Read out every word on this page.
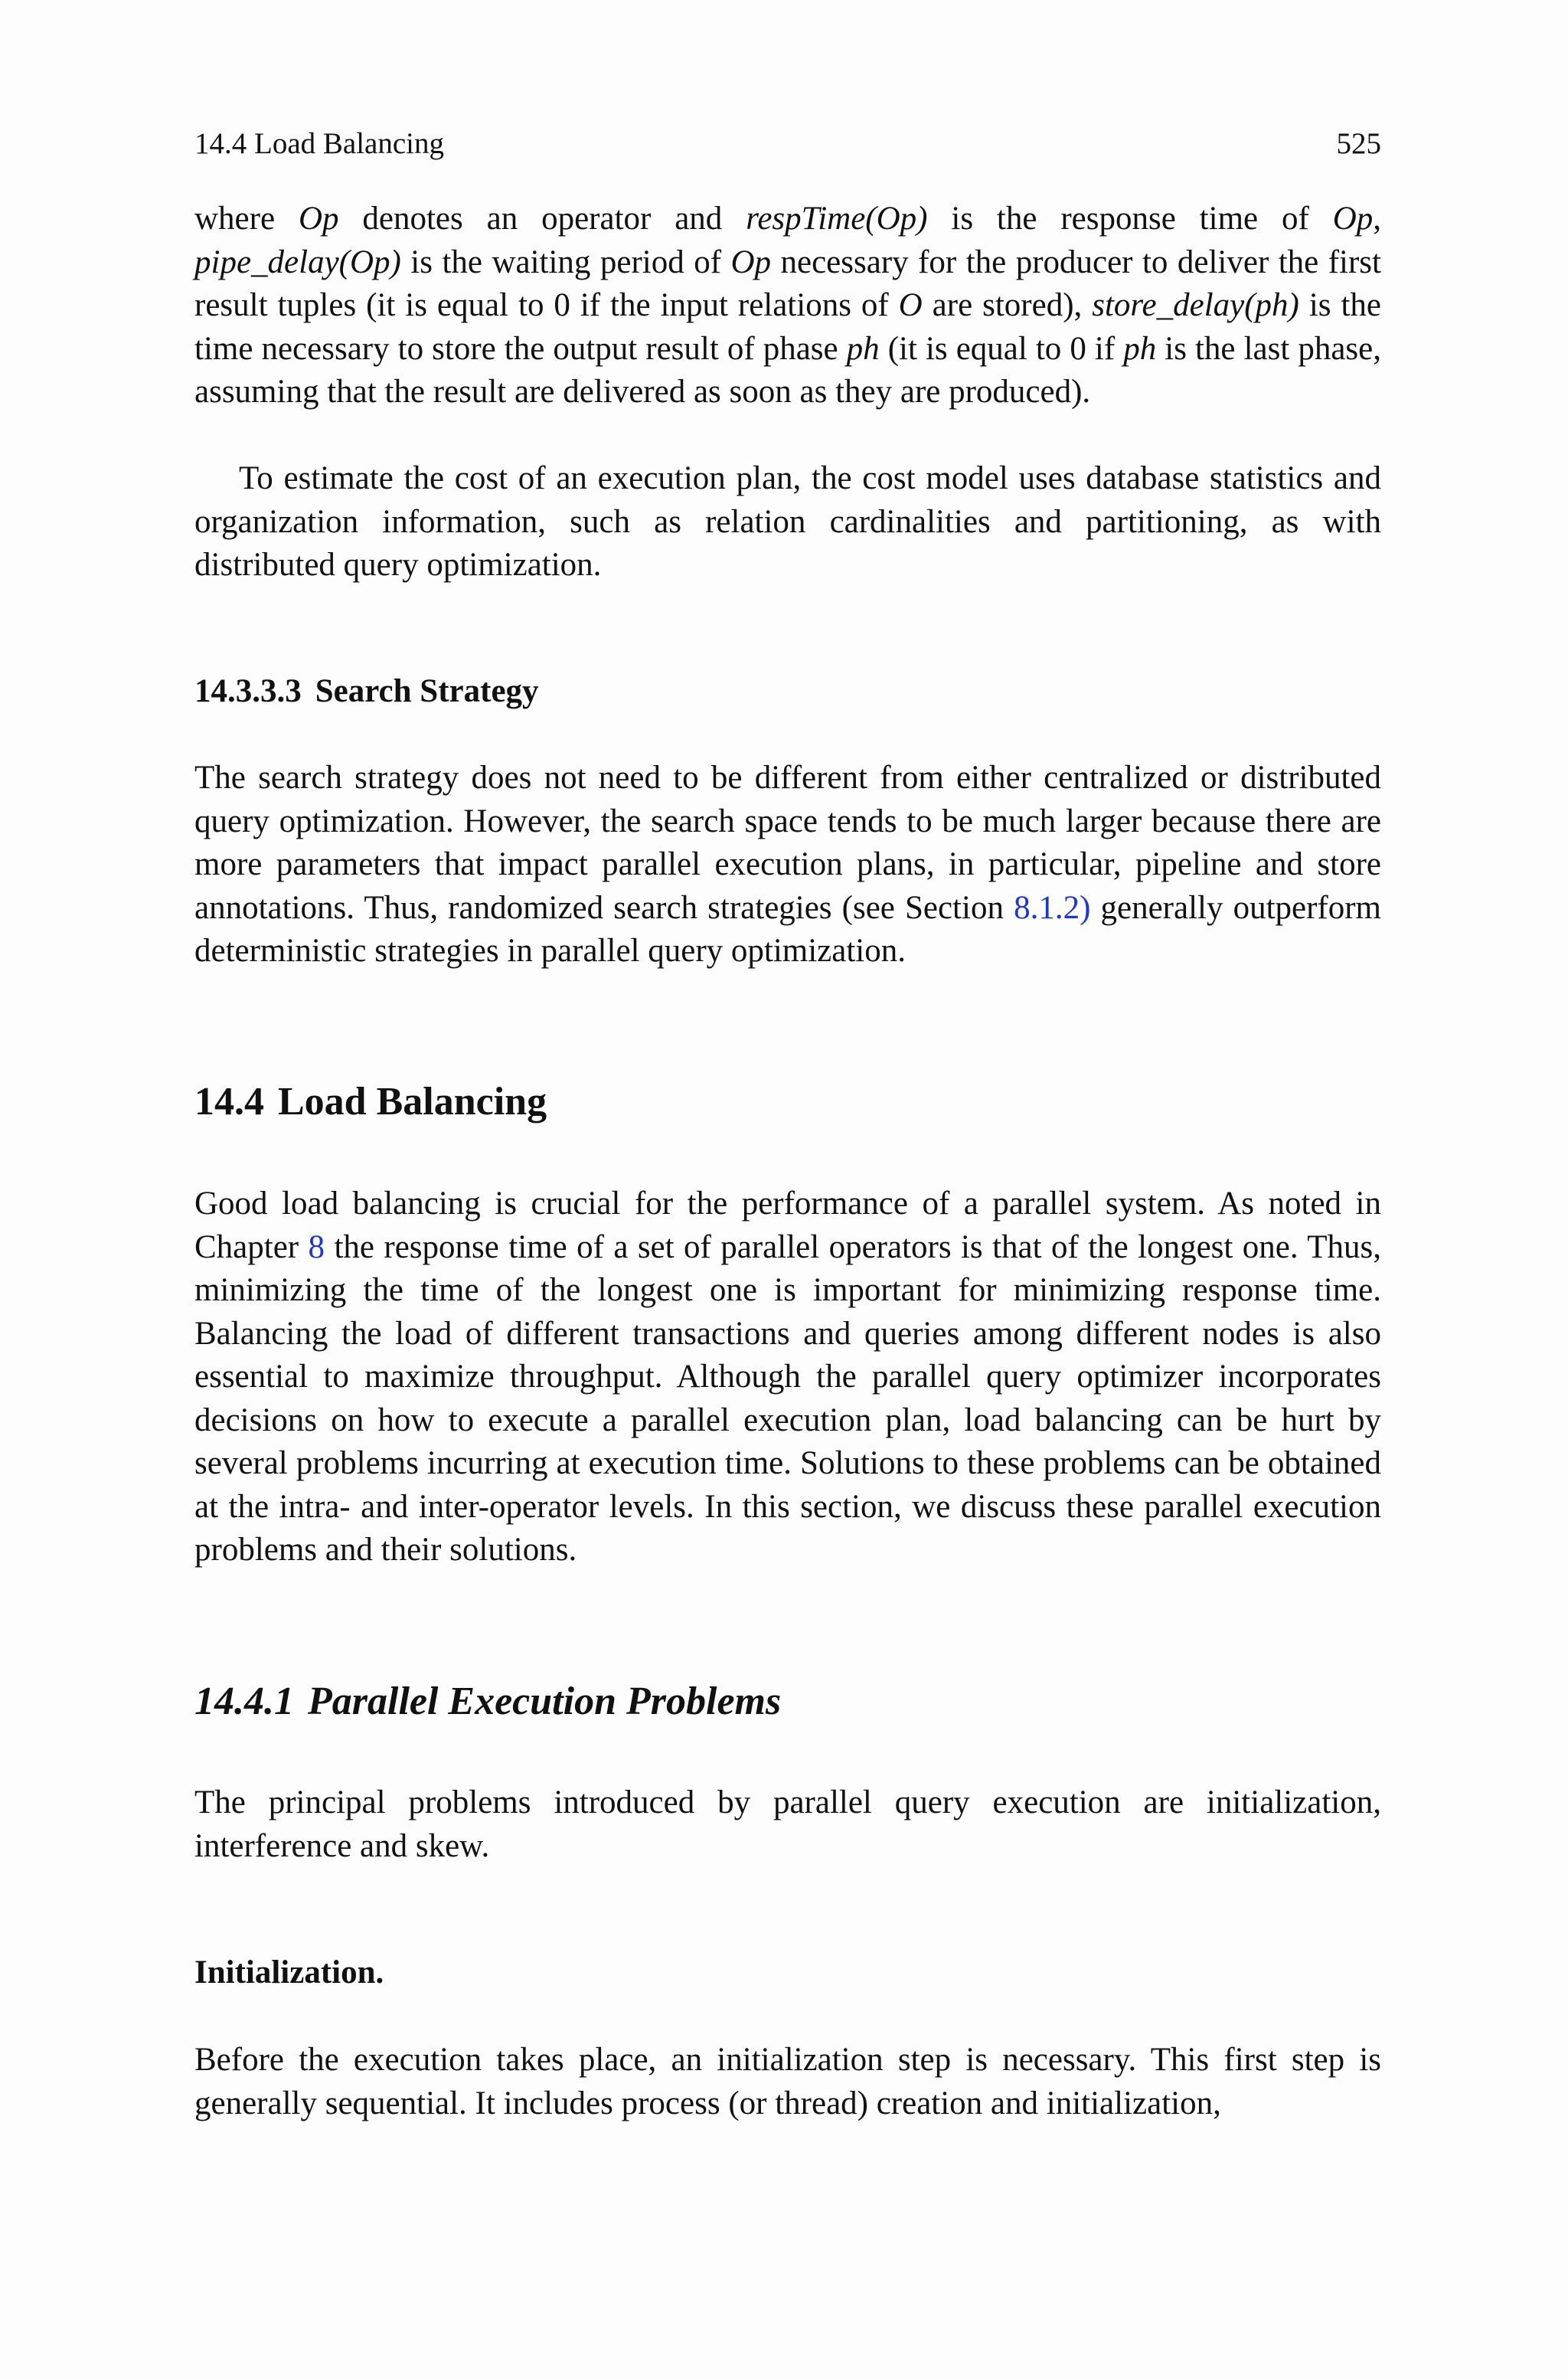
14.4 Load Balancing	525

where Op denotes an operator and respTime(Op) is the response time of Op, pipe_delay(Op) is the waiting period of Op necessary for the producer to deliver the first result tuples (it is equal to 0 if the input relations of O are stored), store_delay(ph) is the time necessary to store the output result of phase ph (it is equal to 0 if ph is the last phase, assuming that the result are delivered as soon as they are produced).

To estimate the cost of an execution plan, the cost model uses database statistics and organization information, such as relation cardinalities and partitioning, as with distributed query optimization.

14.3.3.3 Search Strategy

The search strategy does not need to be different from either centralized or distributed query optimization. However, the search space tends to be much larger because there are more parameters that impact parallel execution plans, in particular, pipeline and store annotations. Thus, randomized search strategies (see Section 8.1.2) generally outperform deterministic strategies in parallel query optimization.

14.4 Load Balancing

Good load balancing is crucial for the performance of a parallel system. As noted in Chapter 8 the response time of a set of parallel operators is that of the longest one. Thus, minimizing the time of the longest one is important for minimizing response time. Balancing the load of different transactions and queries among different nodes is also essential to maximize throughput. Although the parallel query optimizer incorporates decisions on how to execute a parallel execution plan, load balancing can be hurt by several problems incurring at execution time. Solutions to these problems can be obtained at the intra- and inter-operator levels. In this section, we discuss these parallel execution problems and their solutions.

14.4.1 Parallel Execution Problems

The principal problems introduced by parallel query execution are initialization, interference and skew.

Initialization.

Before the execution takes place, an initialization step is necessary. This first step is generally sequential. It includes process (or thread) creation and initialization,
